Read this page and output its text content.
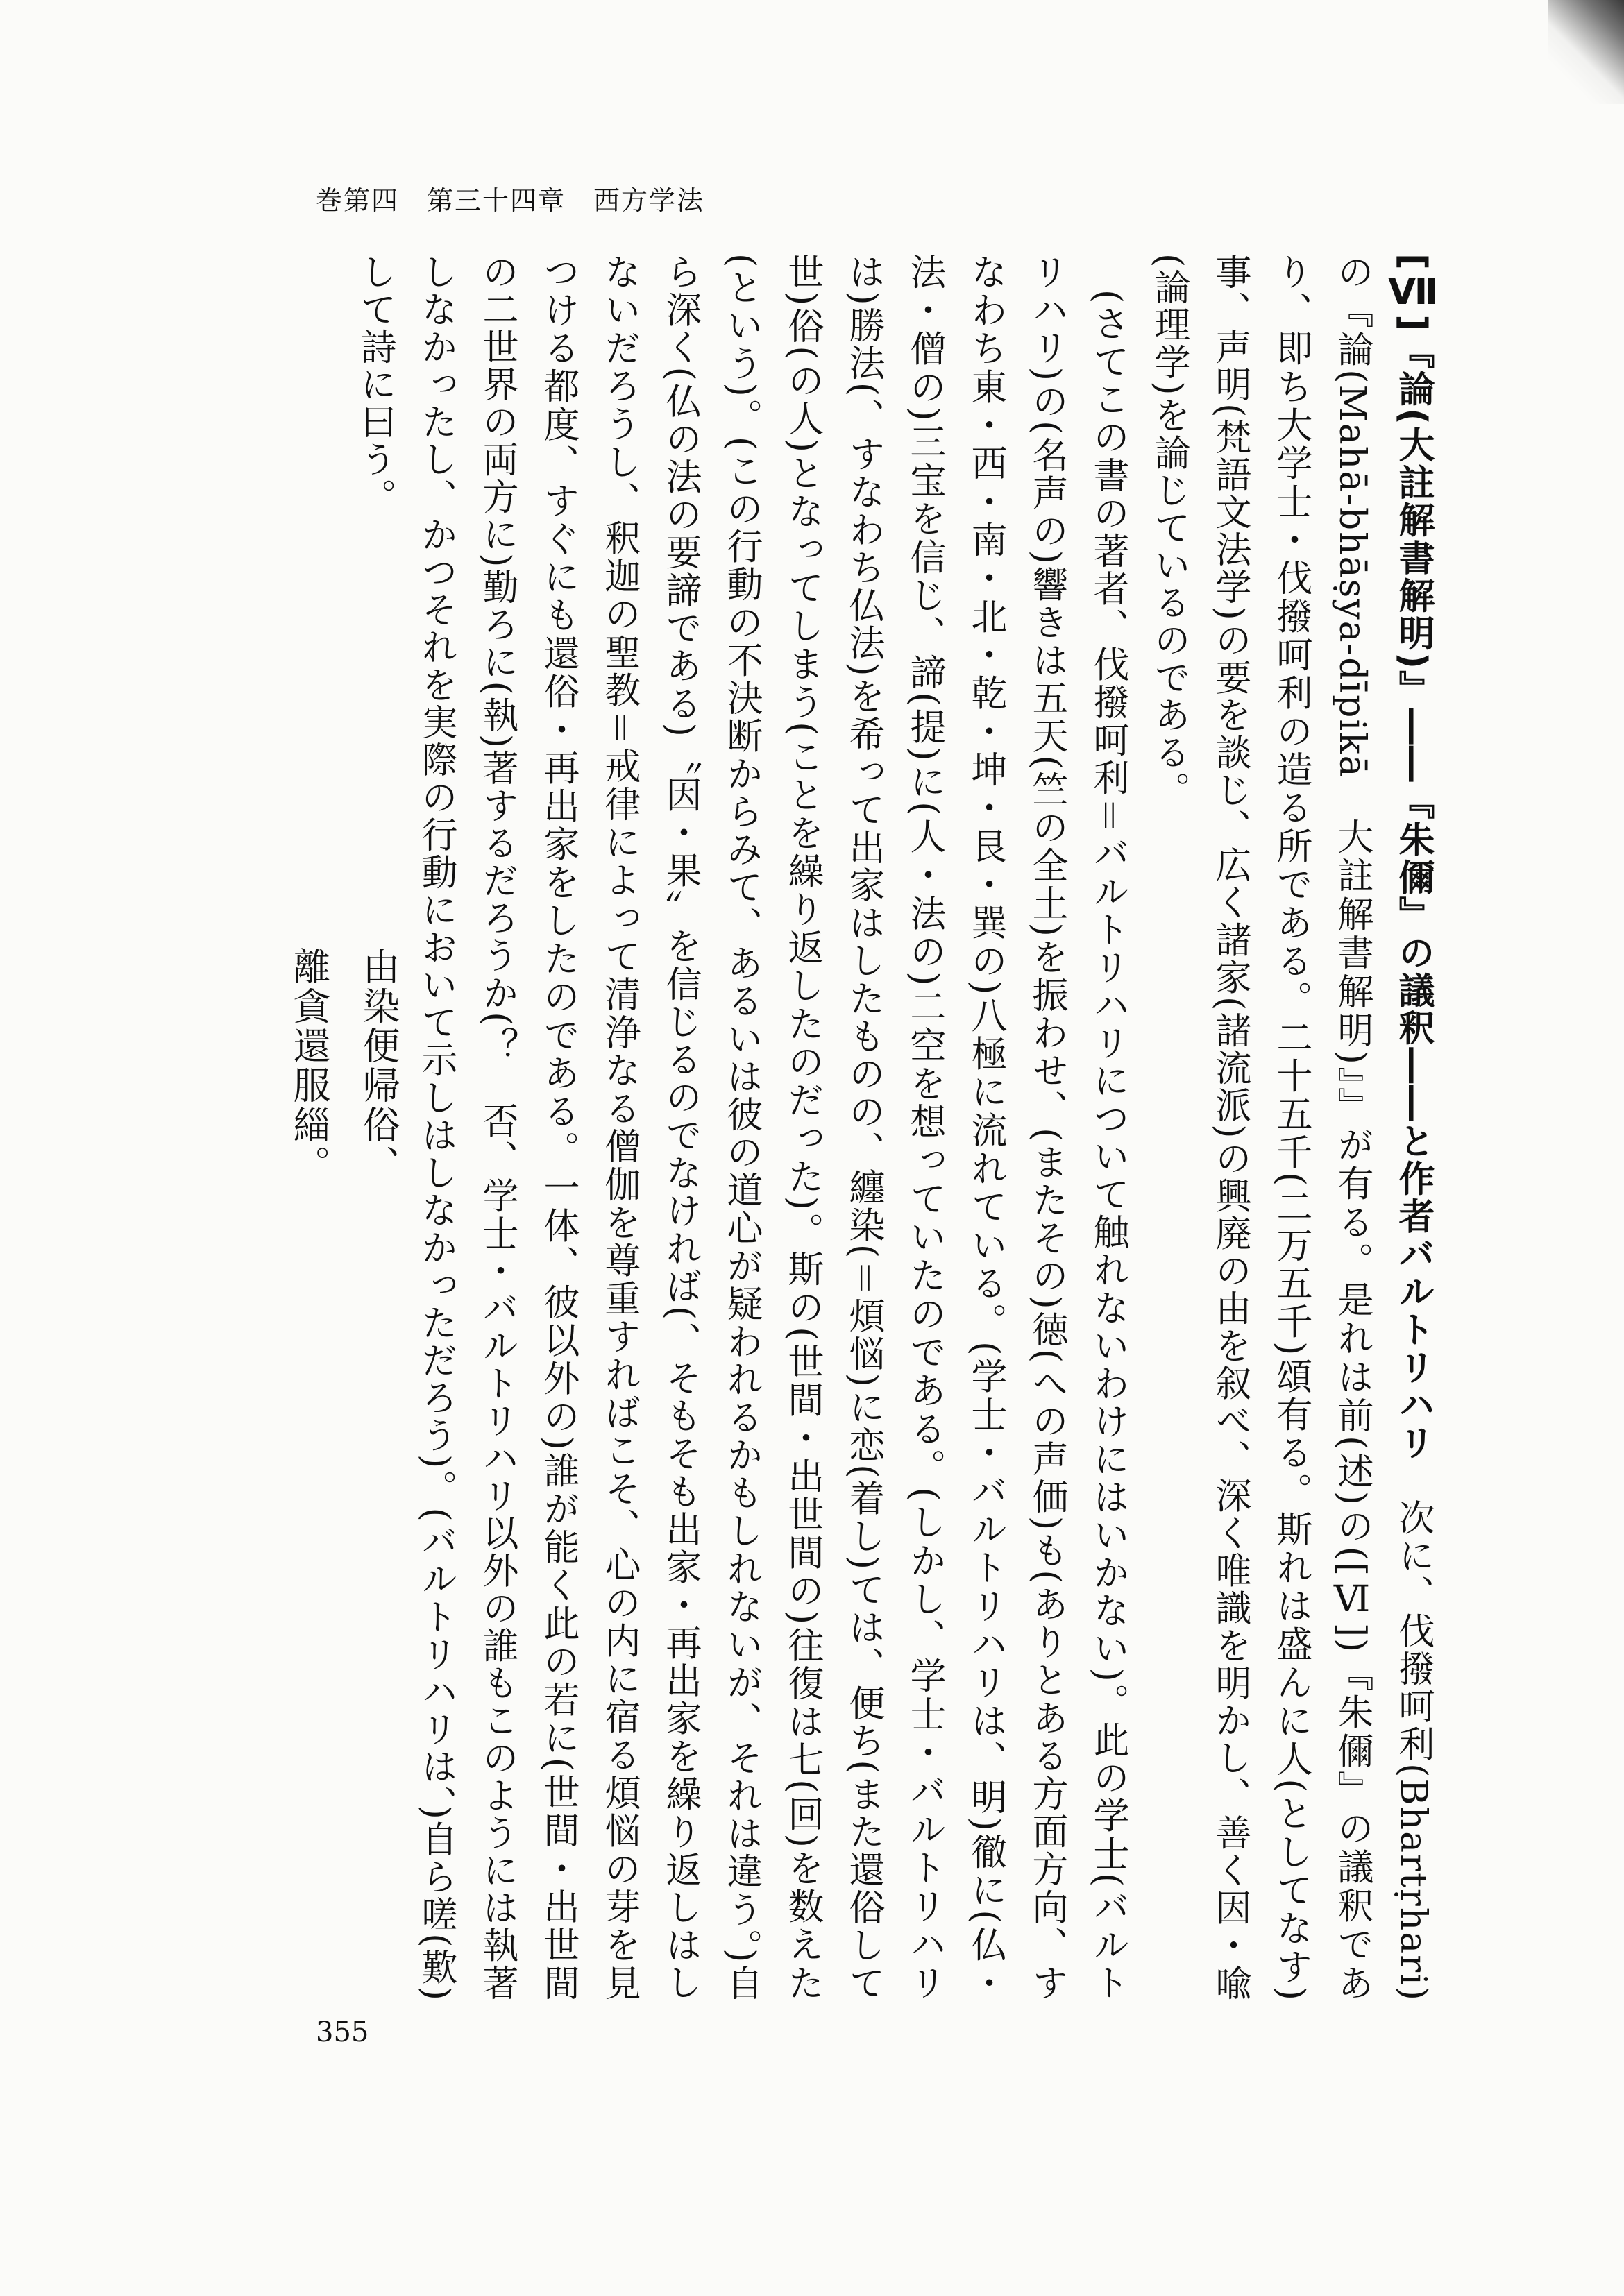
巻第四　第三十四章　西方学法

[Ⅶ]『論(大註解書解明)』――『朱儞』の議釈――と作者バルトリハリ　次に、伐撥呵利(Bhartṛhari)の『論(Mahā-bhāṣya-dīpikā　大註解書解明)』』が有る。是れは前(述)の([Ⅵ])『朱儞』の議釈であり、即ち大学士・伐撥呵利の造る所である。二十五千(二万五千)頌有る。斯れは盛んに人(としてなす)事、声明(梵語文法学)の要を談じ、広く諸家(諸流派)の興廃の由を叙べ、深く唯識を明かし、善く因・喩(論理学)を論じているのである。

(さてこの書の著者、伐撥呵利＝バルトリハリについて触れないわけにはいかない)。此の学士(バルトリハリ)の(名声の)響きは五天(竺の全土)を振わせ、(またその)徳(への声価)も(ありとある方面方向、すなわち東・西・南・北・乾・坤・艮・巽の)八極に流れている。(学士・バルトリハリは、明)徹に(仏・法・僧の)三宝を信じ、諦(提)に(人・法の)二空を想っていたのである。(しかし、学士・バルトリハリは)勝法(、すなわち仏法)を希って出家はしたものの、纏染(＝煩悩)に恋(着し)ては、便ち(また還俗して世)俗(の人)となってしまう(ことを繰り返したのだった)。斯の(世間・出世間の)往復は七(回)を数えた(という)。(この行動の不決断からみて、あるいは彼の道心が疑われるかもしれないが、それは違う。)自ら深く(仏の法の要諦である)〝因・果〟を信じるのでなければ(、そもそも出家・再出家を繰り返しはしないだろうし、釈迦の聖教＝戒律によって清浄なる僧伽を尊重すればこそ、心の内に宿る煩悩の芽を見つける都度、すぐにも還俗・再出家をしたのである。一体、彼以外の)誰が能く此の若に(世間・出世間の二世界の両方に)勤ろに(執)著するだろうか(？　否、学士・バルトリハリ以外の誰もこのようには執著しなかったし、かつそれを実際の行動において示しはしなかっただろう)。(バルトリハリは、)自ら嗟(歎)して詩に曰う。

由染便帰俗、
離貪還服緇。
355
